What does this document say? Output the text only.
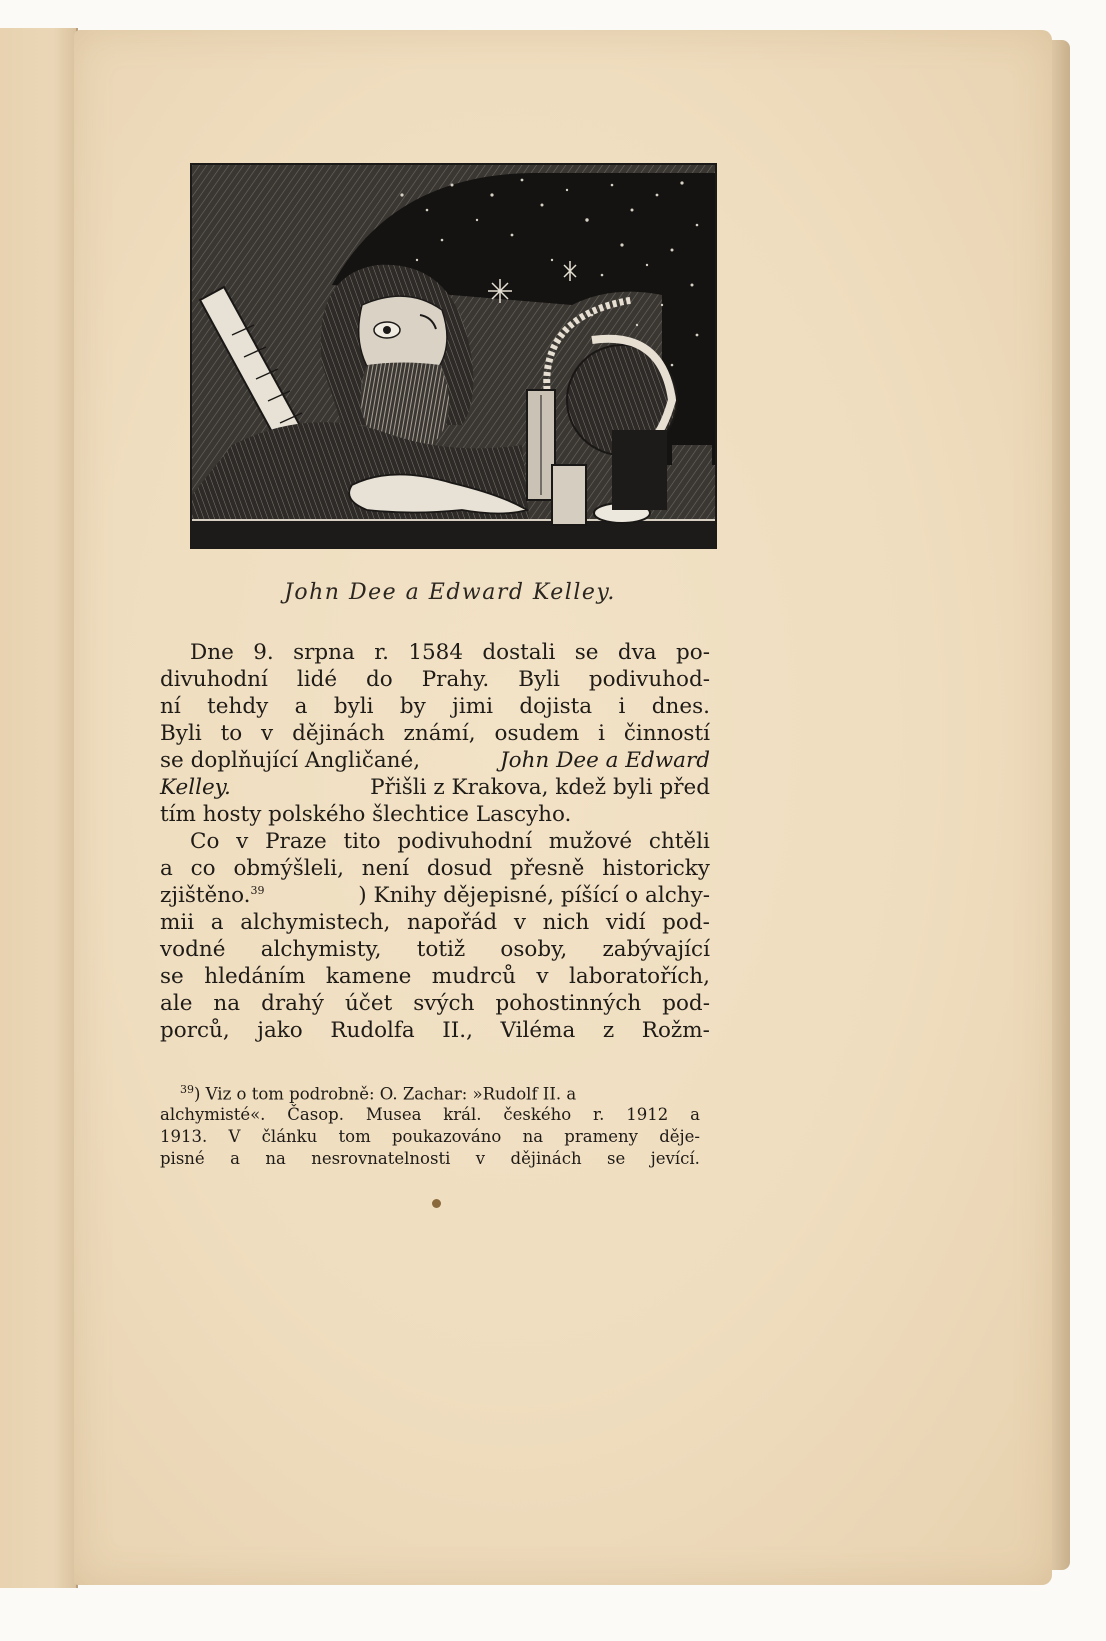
John Dee a Edward Kelley.
Dne 9. srpna r. 1584 dostali se dva po-
divuhodní lidé do Prahy. Byli podivuhod-
ní tehdy a byli by jimi dojista i dnes.
Byli to v dějinách známí, osudem i činností
se doplňující Angličané,	John Dee a Edward
Kelley.	Přišli z Krakova, kdež byli před
tím hosty polského šlechtice Lascyho.
Co v Praze tito podivuhodní mužové chtěli
a co obmýšleli, není dosud přesně historicky
zjištěno.$^{39}$	) Knihy dějepisné, píšící o alchy-
mii a alchymistech, napořád v nich vidí pod-
vodné alchymisty, totiž osoby, zabývající
se hledáním kamene mudrců v laboratořích,
ale na drahý účet svých pohostinných pod-
porců, jako Rudolfa II., Viléma z Rožm-
$^{39}$) Viz o tom podrobně: O. Zachar: »Rudolf II. a
alchymisté«. Časop. Musea král. českého r. 1912 a
1913. V článku tom poukazováno na prameny děje-
pisné a na nesrovnatelnosti v dějinách se jevící.
